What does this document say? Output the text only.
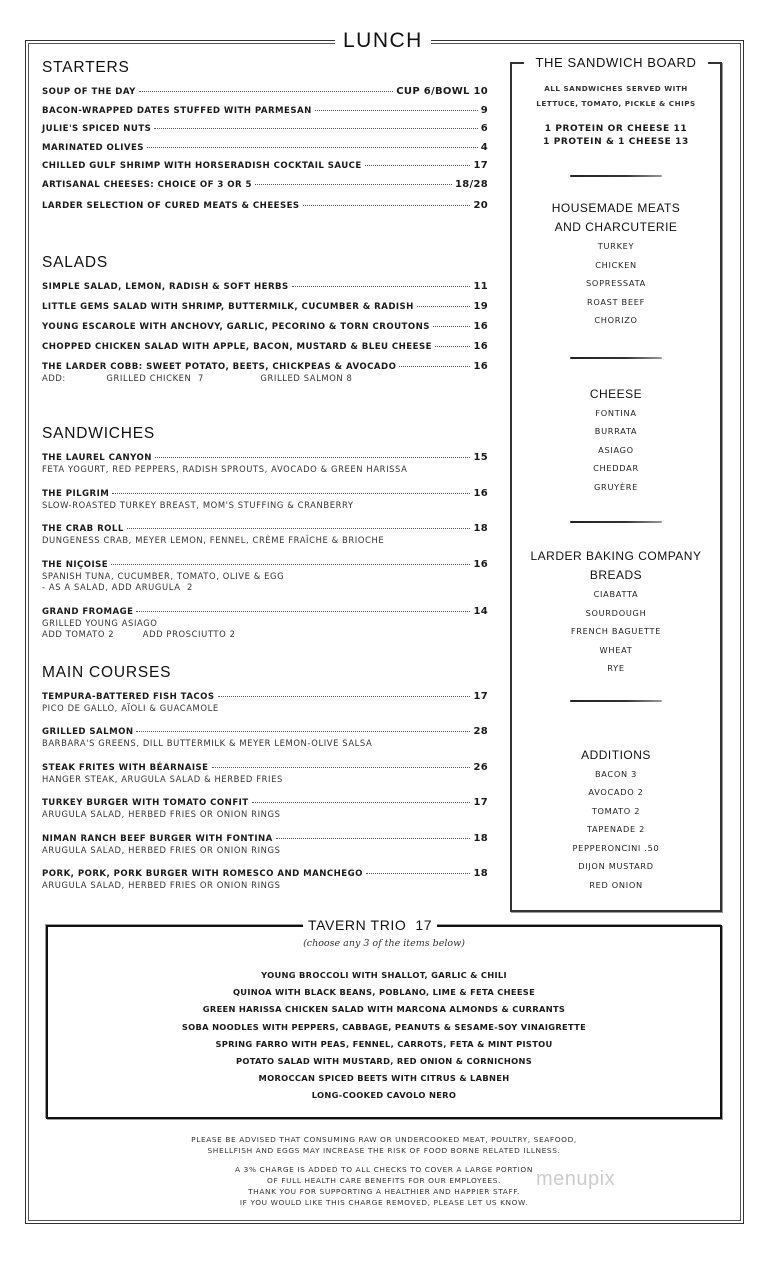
LUNCH
STARTERS
SOUP OF THE DAY	CUP 6/BOWL 10
BACON-WRAPPED DATES STUFFED WITH PARMESAN	9
JULIE'S SPICED NUTS	6
MARINATED OLIVES	4
CHILLED GULF SHRIMP WITH HORSERADISH COCKTAIL SAUCE	17
ARTISANAL CHEESES: CHOICE OF 3 OR 5	18/28
LARDER SELECTION OF CURED MEATS & CHEESES	20
SALADS
SIMPLE SALAD, LEMON, RADISH & SOFT HERBS	11
LITTLE GEMS SALAD WITH SHRIMP, BUTTERMILK, CUCUMBER & RADISH	19
YOUNG ESCAROLE WITH ANCHOVY, GARLIC, PECORINO & TORN CROUTONS	16
CHOPPED CHICKEN SALAD WITH APPLE, BACON, MUSTARD & BLEU CHEESE	16
THE LARDER COBB: SWEET POTATO, BEETS, CHICKPEAS & AVOCADO	16
ADD:	GRILLED CHICKEN  7	GRILLED SALMON 8
SANDWICHES
THE LAUREL CANYON	15
FETA YOGURT, RED PEPPERS, RADISH SPROUTS, AVOCADO & GREEN HARISSA
THE PILGRIM	16
SLOW-ROASTED TURKEY BREAST, MOM'S STUFFING & CRANBERRY
THE CRAB ROLL	18
DUNGENESS CRAB, MEYER LEMON, FENNEL, CRÈME FRAÎCHE & BRIOCHE
THE NIÇOISE	16
SPANISH TUNA, CUCUMBER, TOMATO, OLIVE & EGG
- AS A SALAD, ADD ARUGULA  2
GRAND FROMAGE	14
GRILLED YOUNG ASIAGO
ADD TOMATO 2	ADD PROSCIUTTO 2
MAIN COURSES
TEMPURA-BATTERED FISH TACOS	17
PICO DE GALLO, AÏOLI & GUACAMOLE
GRILLED SALMON	28
BARBARA'S GREENS, DILL BUTTERMILK & MEYER LEMON-OLIVE SALSA
STEAK FRITES WITH BÉARNAISE	26
HANGER STEAK, ARUGULA SALAD & HERBED FRIES
TURKEY BURGER WITH TOMATO CONFIT	17
ARUGULA SALAD, HERBED FRIES OR ONION RINGS
NIMAN RANCH BEEF BURGER WITH FONTINA	18
ARUGULA SALAD, HERBED FRIES OR ONION RINGS
PORK, PORK, PORK BURGER WITH ROMESCO AND MANCHEGO	18
ARUGULA SALAD, HERBED FRIES OR ONION RINGS
THE SANDWICH BOARD
ALL SANDWICHES SERVED WITH
LETTUCE, TOMATO, PICKLE & CHIPS
1 PROTEIN OR CHEESE 11
1 PROTEIN & 1 CHEESE 13
HOUSEMADE MEATS
AND CHARCUTERIE
TURKEY
CHICKEN
SOPRESSATA
ROAST BEEF
CHORIZO
CHEESE
FONTINA
BURRATA
ASIAGO
CHEDDAR
GRUYÈRE
LARDER BAKING COMPANY
BREADS
CIABATTA
SOURDOUGH
FRENCH BAGUETTE
WHEAT
RYE
ADDITIONS
BACON 3
AVOCADO 2
TOMATO 2
TAPENADE 2
PEPPERONCINI .50
DIJON MUSTARD
RED ONION
TAVERN TRIO  17
(choose any 3 of the items below)
YOUNG BROCCOLI WITH SHALLOT, GARLIC & CHILI
QUINOA WITH BLACK BEANS, POBLANO, LIME & FETA CHEESE
GREEN HARISSA CHICKEN SALAD WITH MARCONA ALMONDS & CURRANTS
SOBA NOODLES WITH PEPPERS, CABBAGE, PEANUTS & SESAME-SOY VINAIGRETTE
SPRING FARRO WITH PEAS, FENNEL, CARROTS, FETA & MINT PISTOU
POTATO SALAD WITH MUSTARD, RED ONION & CORNICHONS
MOROCCAN SPICED BEETS WITH CITRUS & LABNEH
LONG-COOKED CAVOLO NERO
PLEASE BE ADVISED THAT CONSUMING RAW OR UNDERCOOKED MEAT, POULTRY, SEAFOOD,
SHELLFISH AND EGGS MAY INCREASE THE RISK OF FOOD BORNE RELATED ILLNESS.
A 3% CHARGE IS ADDED TO ALL CHECKS TO COVER A LARGE PORTION
OF FULL HEALTH CARE BENEFITS FOR OUR EMPLOYEES.
THANK YOU FOR SUPPORTING A HEALTHIER AND HAPPIER STAFF.
IF YOU WOULD LIKE THIS CHARGE REMOVED, PLEASE LET US KNOW.
menupix
